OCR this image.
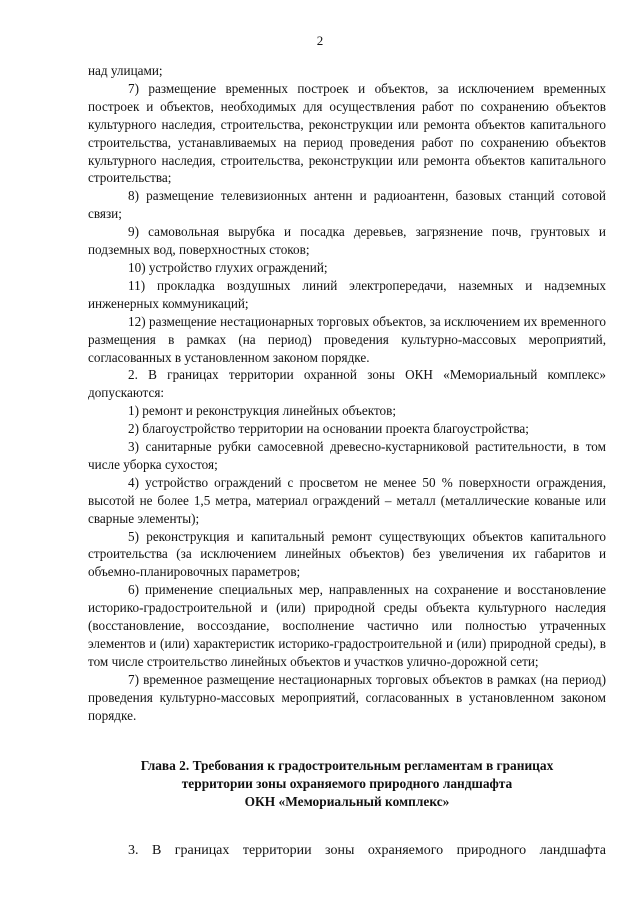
2

над улицами;

7) размещение временных построек и объектов, за исключением временных построек и объектов, необходимых для осуществления работ по сохранению объектов культурного наследия, строительства, реконструкции или ремонта объектов капитального строительства, устанавливаемых на период проведения работ по сохранению объектов культурного наследия, строительства, реконструкции или ремонта объектов капитального строительства;

8) размещение телевизионных антенн и радиоантенн, базовых станций сотовой связи;

9) самовольная вырубка и посадка деревьев, загрязнение почв, грунтовых и подземных вод, поверхностных стоков;

10) устройство глухих ограждений;

11) прокладка воздушных линий электропередачи, наземных и надземных инженерных коммуникаций;

12) размещение нестационарных торговых объектов, за исключением их временного размещения в рамках (на период) проведения культурно-массовых мероприятий, согласованных в установленном законом порядке.

2. В границах территории охранной зоны ОКН «Мемориальный комплекс» допускаются:

1) ремонт и реконструкция линейных объектов;

2) благоустройство территории на основании проекта благоустройства;

3) санитарные рубки самосевной древесно-кустарниковой растительности, в том числе уборка сухостоя;

4) устройство ограждений с просветом не менее 50 % поверхности ограждения, высотой не более 1,5 метра, материал ограждений – металл (металлические кованые или сварные элементы);

5) реконструкция и капитальный ремонт существующих объектов капитального строительства (за исключением линейных объектов) без увеличения их габаритов и объемно-планировочных параметров;

6) применение специальных мер, направленных на сохранение и восстановление историко-градостроительной и (или) природной среды объекта культурного наследия (восстановление, воссоздание, восполнение частично или полностью утраченных элементов и (или) характеристик историко-градостроительной и (или) природной среды), в том числе строительство линейных объектов и участков улично-дорожной сети;

7) временное размещение нестационарных торговых объектов в рамках (на период) проведения культурно-массовых мероприятий, согласованных в установленном законом порядке.

Глава 2. Требования к градостроительным регламентам в границах
территории зоны охраняемого природного ландшафта
ОКН «Мемориальный комплекс»

3. В границах территории зоны охраняемого природного ландшафта
